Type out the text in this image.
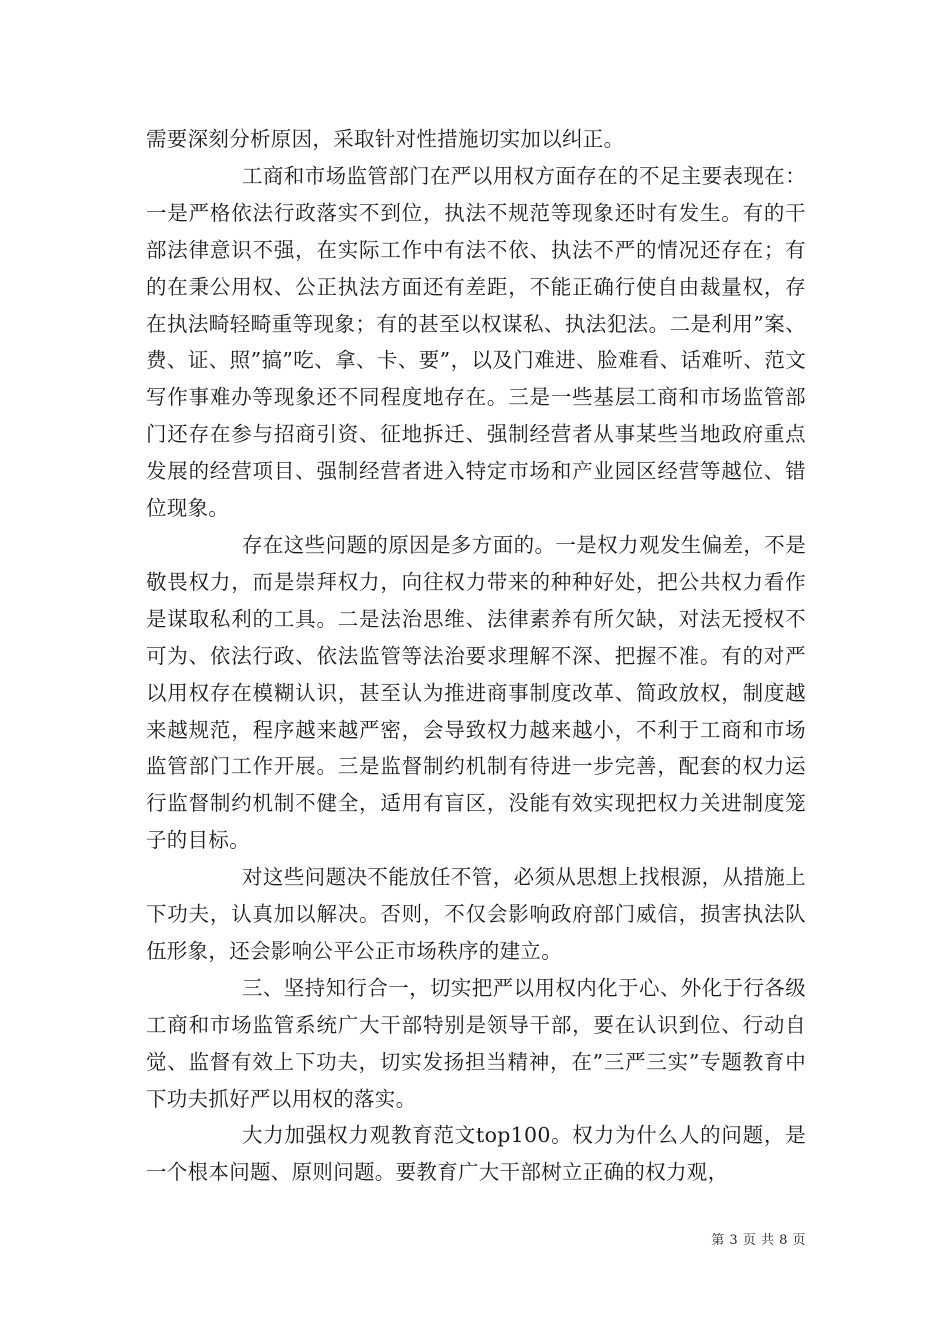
需要深刻分析原因，采取针对性措施切实加以纠正。

工商和市场监管部门在严以用权方面存在的不足主要表现在：一是严格依法行政落实不到位，执法不规范等现象还时有发生。有的干部法律意识不强，在实际工作中有法不依、执法不严的情况还存在；有的在秉公用权、公正执法方面还有差距，不能正确行使自由裁量权，存在执法畸轻畸重等现象；有的甚至以权谋私、执法犯法。二是利用”案、费、证、照”搞”吃、拿、卡、要”，以及门难进、脸难看、话难听、范文写作事难办等现象还不同程度地存在。三是一些基层工商和市场监管部门还存在参与招商引资、征地拆迁、强制经营者从事某些当地政府重点发展的经营项目、强制经营者进入特定市场和产业园区经营等越位、错位现象。

存在这些问题的原因是多方面的。一是权力观发生偏差，不是敬畏权力，而是崇拜权力，向往权力带来的种种好处，把公共权力看作是谋取私利的工具。二是法治思维、法律素养有所欠缺，对法无授权不可为、依法行政、依法监管等法治要求理解不深、把握不准。有的对严以用权存在模糊认识，甚至认为推进商事制度改革、简政放权，制度越来越规范，程序越来越严密，会导致权力越来越小，不利于工商和市场监管部门工作开展。三是监督制约机制有待进一步完善，配套的权力运行监督制约机制不健全，适用有盲区，没能有效实现把权力关进制度笼子的目标。

对这些问题决不能放任不管，必须从思想上找根源，从措施上下功夫，认真加以解决。否则，不仅会影响政府部门威信，损害执法队伍形象，还会影响公平公正市场秩序的建立。

三、坚持知行合一，切实把严以用权内化于心、外化于行各级工商和市场监管系统广大干部特别是领导干部，要在认识到位、行动自觉、监督有效上下功夫，切实发扬担当精神，在”三严三实”专题教育中下功夫抓好严以用权的落实。

大力加强权力观教育范文top100。权力为什么人的问题，是一个根本问题、原则问题。要教育广大干部树立正确的权力观，

第 3 页 共 8 页
